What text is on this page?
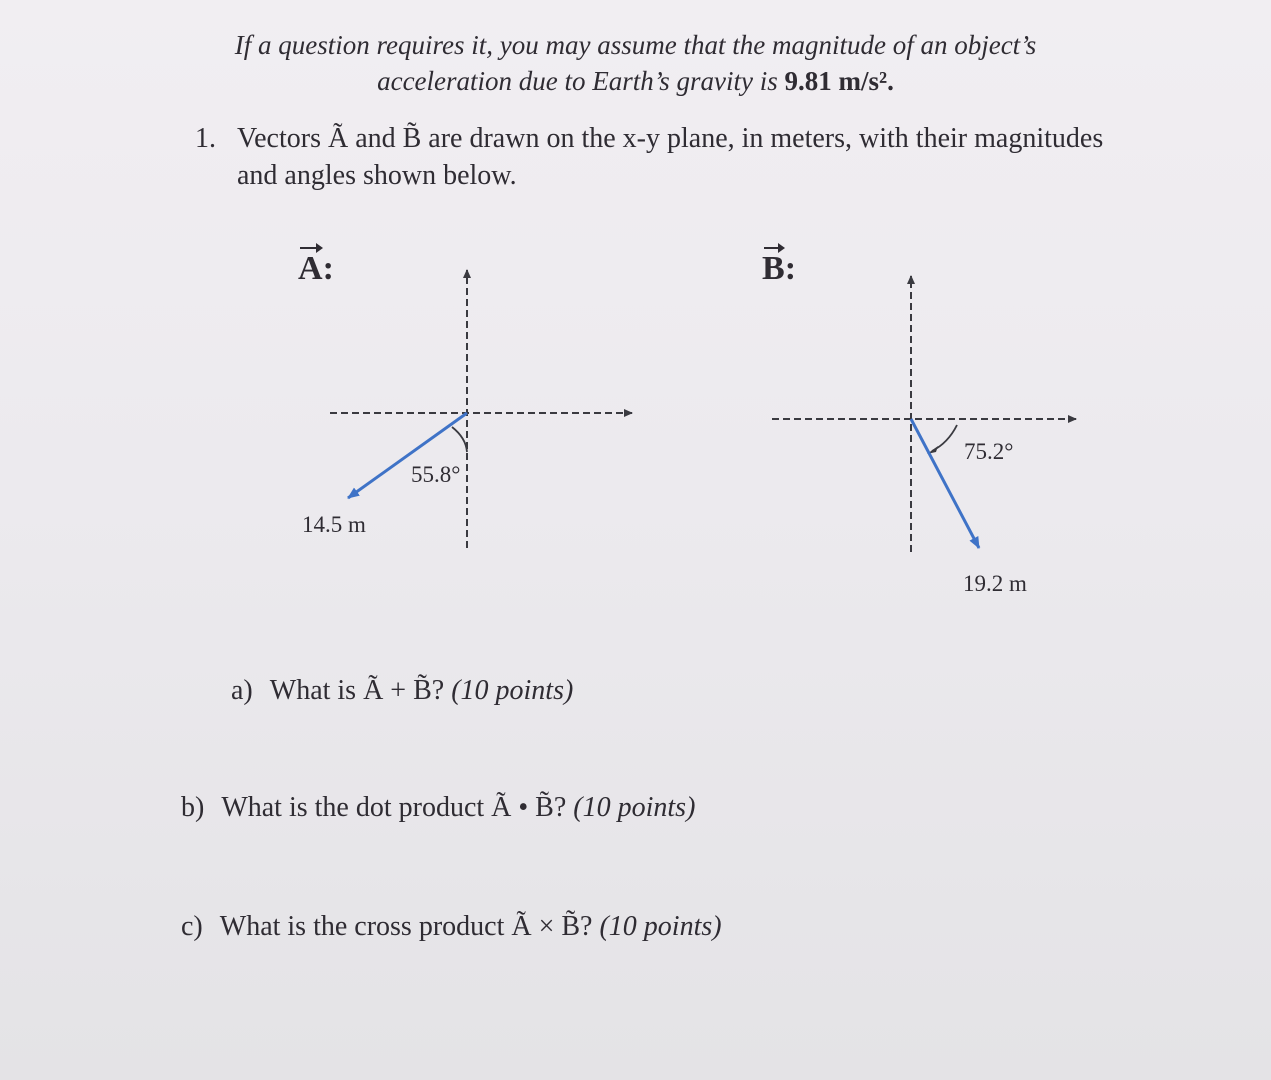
If a question requires it, you may assume that the magnitude of an object’s
acceleration due to Earth’s gravity is 9.81 m/s².
1. Vectors Ã and B̃ are drawn on the x-y plane, in meters, with their magnitudes
and angles shown below.
A:	B:
55.8°
14.5 m
75.2°
19.2 m
a) What is Ã + B̃? (10 points)
b) What is the dot product Ã • B̃? (10 points)
c) What is the cross product Ã × B̃? (10 points)
